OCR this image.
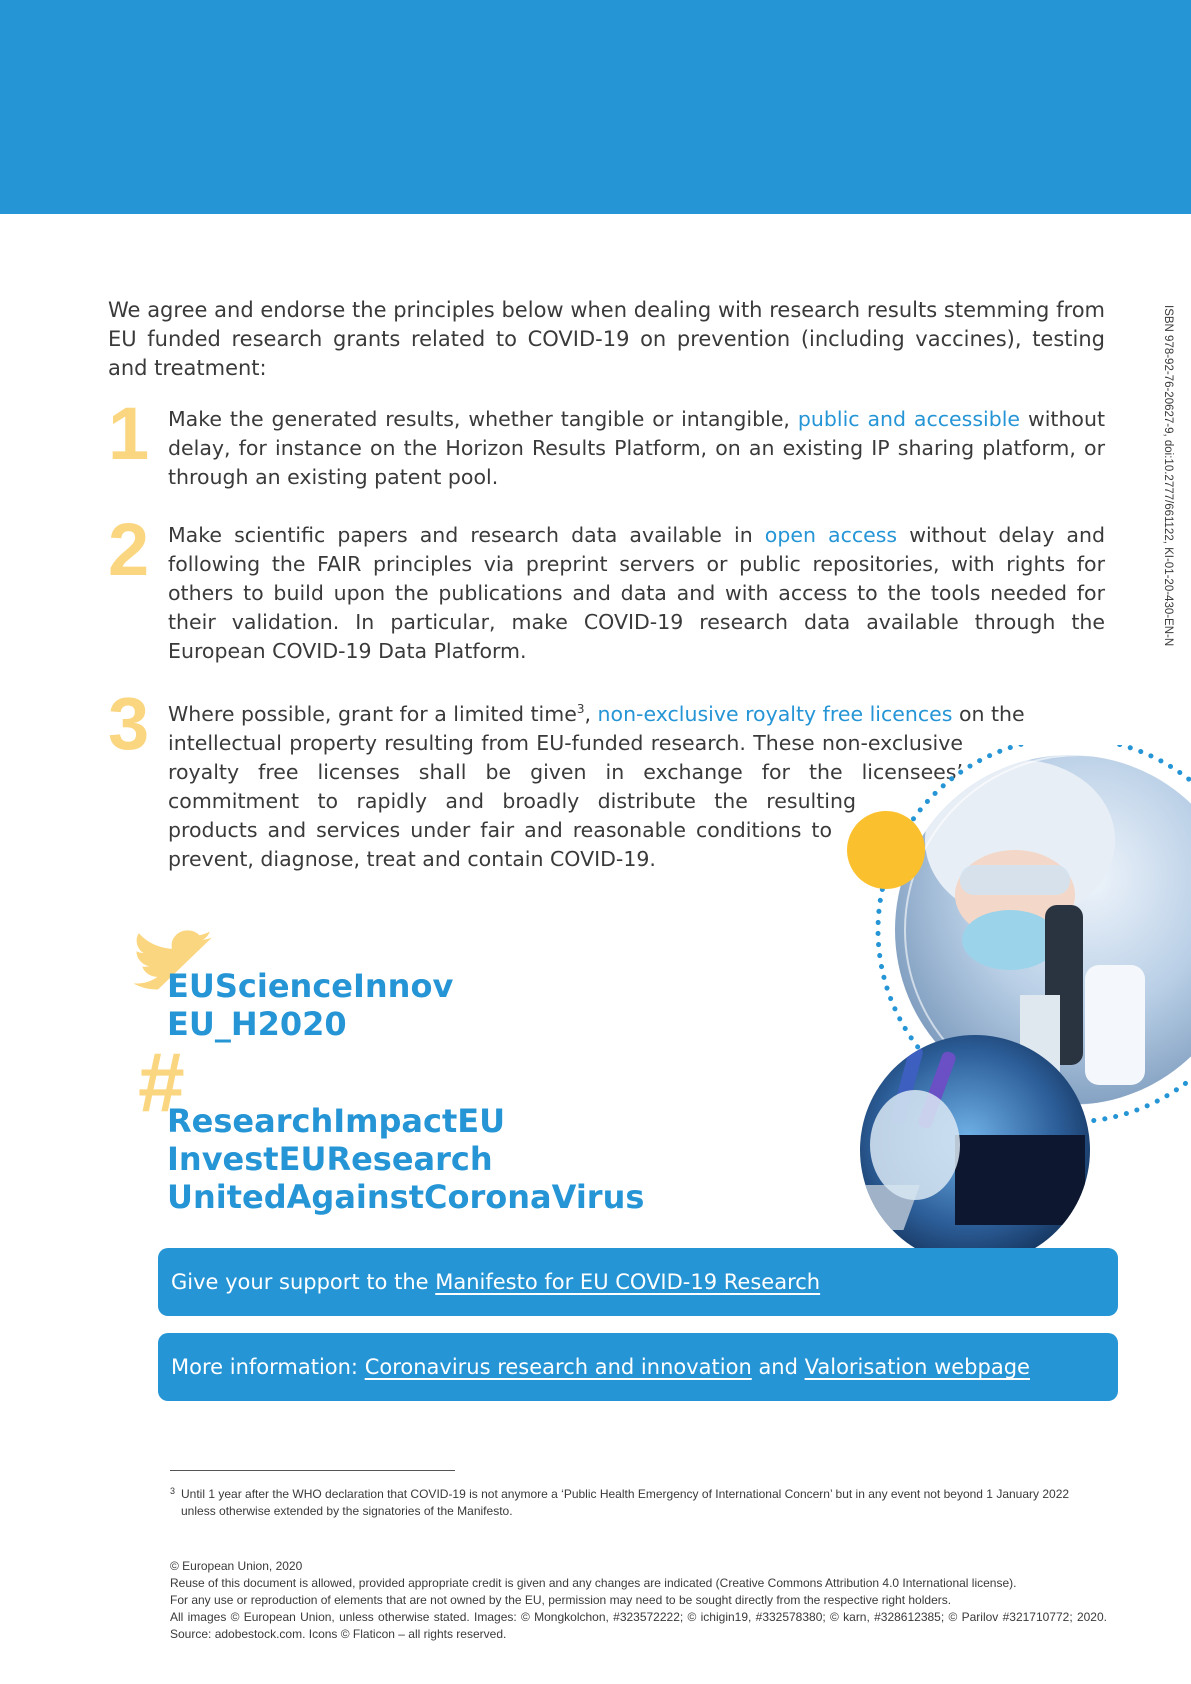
ISBN 978-92-76-20627-9, doi:10.2777/661122, KI-01-20-430-EN-N

We agree and endorse the principles below when dealing with research results stemming from EU funded research grants related to COVID-19 on prevention (including vaccines), testing and treatment:

1 Make the generated results, whether tangible or intangible, public and accessible without delay, for instance on the Horizon Results Platform, on an existing IP sharing platform, or through an existing patent pool.
2 Make scientific papers and research data available in open access without delay and following the FAIR principles via preprint servers or public repositories, with rights for others to build upon the publications and data and with access to the tools needed for their validation. In particular, make COVID-19 research data available through the European COVID-19 Data Platform.
3 Where possible, grant for a limited time$^3$, non-exclusive royalty free licences on the
intellectual property resulting from EU-funded research. These non-exclusive
royalty free licenses shall be given in exchange for the licensees’
commitment to rapidly and broadly distribute the resulting
products and services under fair and reasonable conditions to
prevent, diagnose, treat and contain COVID-19.
EUScienceInnov
EU_H2020
#
ResearchImpactEU
InvestEUResearch
UnitedAgainstCoronaVirus
Give your support to the Manifesto for EU COVID-19 Research
More information: Coronavirus research and innovation and Valorisation webpage
3 Until 1 year after the WHO declaration that COVID-19 is not anymore a ‘Public Health Emergency of International Concern’ but in any event not beyond 1 January 2022 unless otherwise extended by the signatories of the Manifesto.
© European Union, 2020
Reuse of this document is allowed, provided appropriate credit is given and any changes are indicated (Creative Commons Attribution 4.0 International license).
For any use or reproduction of elements that are not owned by the EU, permission may need to be sought directly from the respective right holders.
All images © European Union, unless otherwise stated. Images: © Mongkolchon, #323572222; © ichigin19, #332578380; © karn, #328612385; © Parilov #321710772; 2020. Source: adobestock.com. Icons © Flaticon – all rights reserved.
